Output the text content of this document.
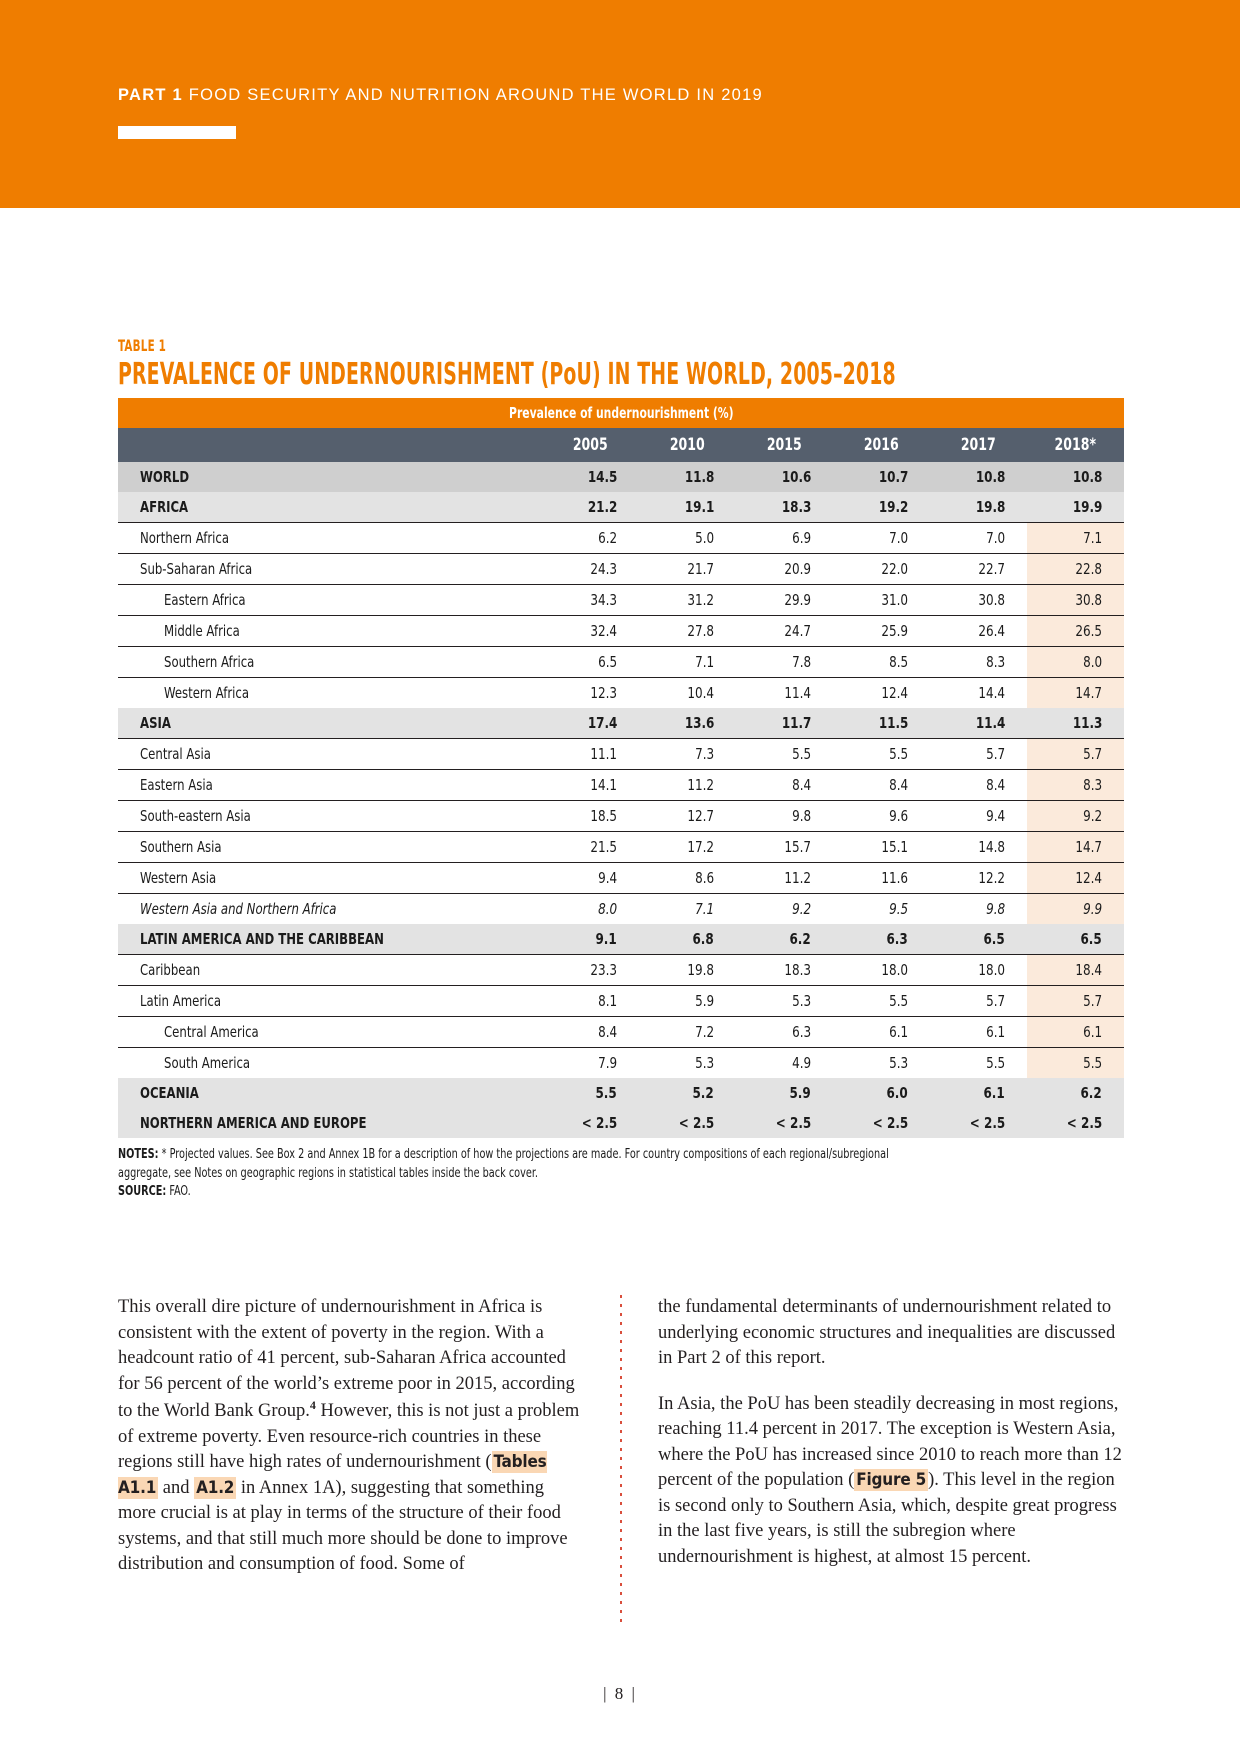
PART 1 FOOD SECURITY AND NUTRITION AROUND THE WORLD IN 2019
TABLE 1
PREVALENCE OF UNDERNOURISHMENT (PoU) IN THE WORLD, 2005–2018
Prevalence of undernourishment (%)						
	2005	2010	2015	2016	2017	2018*
WORLD	14.5	11.8	10.6	10.7	10.8	10.8
AFRICA	21.2	19.1	18.3	19.2	19.8	19.9
Northern Africa	6.2	5.0	6.9	7.0	7.0	7.1
Sub-Saharan Africa	24.3	21.7	20.9	22.0	22.7	22.8
Eastern Africa	34.3	31.2	29.9	31.0	30.8	30.8
Middle Africa	32.4	27.8	24.7	25.9	26.4	26.5
Southern Africa	6.5	7.1	7.8	8.5	8.3	8.0
Western Africa	12.3	10.4	11.4	12.4	14.4	14.7
ASIA	17.4	13.6	11.7	11.5	11.4	11.3
Central Asia	11.1	7.3	5.5	5.5	5.7	5.7
Eastern Asia	14.1	11.2	8.4	8.4	8.4	8.3
South-eastern Asia	18.5	12.7	9.8	9.6	9.4	9.2
Southern Asia	21.5	17.2	15.7	15.1	14.8	14.7
Western Asia	9.4	8.6	11.2	11.6	12.2	12.4
Western Asia and Northern Africa	8.0	7.1	9.2	9.5	9.8	9.9
LATIN AMERICA AND THE CARIBBEAN	9.1	6.8	6.2	6.3	6.5	6.5
Caribbean	23.3	19.8	18.3	18.0	18.0	18.4
Latin America	8.1	5.9	5.3	5.5	5.7	5.7
Central America	8.4	7.2	6.3	6.1	6.1	6.1
South America	7.9	5.3	4.9	5.3	5.5	5.5
OCEANIA	5.5	5.2	5.9	6.0	6.1	6.2
NORTHERN AMERICA AND EUROPE	< 2.5	< 2.5	< 2.5	< 2.5	< 2.5	< 2.5
NOTES: * Projected values. See Box 2 and Annex 1B for a description of how the projections are made. For country compositions of each regional/subregional aggregate, see Notes on geographic regions in statistical tables inside the back cover.
SOURCE: FAO.

This overall dire picture of undernourishment in Africa is consistent with the extent of poverty in the region. With a headcount ratio of 41 percent, sub-Saharan Africa accounted for 56 percent of the world’s extreme poor in 2015, according to the World Bank Group.$^4$ However, this is not just a problem of extreme poverty. Even resource-rich countries in these regions still have high rates of undernourishment ( Tables A1.1 and A1.2 in Annex 1A), suggesting that something more crucial is at play in terms of the structure of their food systems, and that still much more should be done to improve distribution and consumption of food. Some of

the fundamental determinants of undernourishment related to underlying economic structures and inequalities are discussed in Part 2 of this report.

In Asia, the PoU has been steadily decreasing in most regions, reaching 11.4 percent in 2017. The exception is Western Asia, where the PoU has increased since 2010 to reach more than 12 percent of the population ( Figure 5 ). This level in the region is second only to Southern Asia, which, despite great progress in the last five years, is still the subregion where undernourishment is highest, at almost 15 percent.

| 8 |
